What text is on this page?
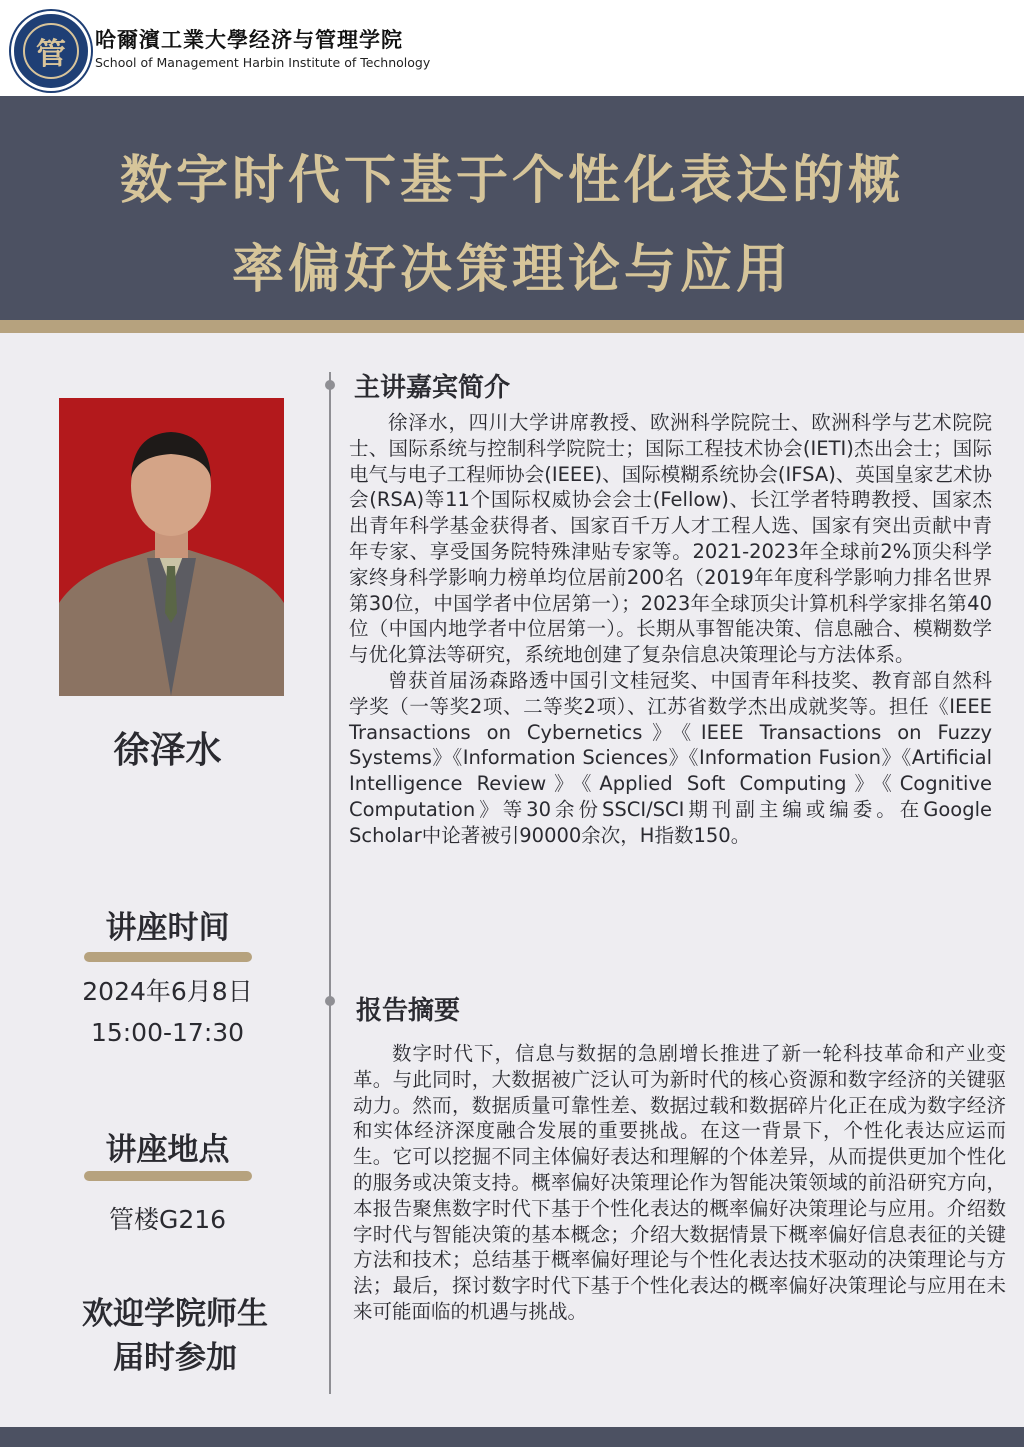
管	哈爾濱工業大學经济与管理学院
School of Management Harbin Institute of Technology
数字时代下基于个性化表达的概
率偏好决策理论与应用
徐泽水
讲座时间
2024年6月8日
15:00-17:30
讲座地点
管楼G216
欢迎学院师生
届时参加
主讲嘉宾简介

徐泽水，四川大学讲席教授、欧洲科学院院士、欧洲科学与艺术院院士、国际系统与控制科学院院士；国际工程技术协会(IETI)杰出会士；国际电气与电子工程师协会(IEEE)、国际模糊系统协会(IFSA)、英国皇家艺术协会(RSA)等11个国际权威协会会士(Fellow)、长江学者特聘教授、国家杰出青年科学基金获得者、国家百千万人才工程人选、国家有突出贡献中青年专家、享受国务院特殊津贴专家等。2021-2023年全球前2%顶尖科学家终身科学影响力榜单均位居前200名（2019年年度科学影响力排名世界第30位，中国学者中位居第一）；2023年全球顶尖计算机科学家排名第40位（中国内地学者中位居第一）。长期从事智能决策、信息融合、模糊数学与优化算法等研究，系统地创建了复杂信息决策理论与方法体系。

曾获首届汤森路透中国引文桂冠奖、中国青年科技奖、教育部自然科学奖（一等奖2项、二等奖2项）、江苏省数学杰出成就奖等。担任《IEEE Transactions on Cybernetics》《IEEE Transactions on Fuzzy Systems》《Information Sciences》《Information Fusion》《Artificial Intelligence Review》《Applied Soft Computing》《Cognitive Computation》等30余份SSCI/SCI期刊副主编或编委。在Google Scholar中论著被引90000余次，H指数150。

报告摘要

数字时代下，信息与数据的急剧增长推进了新一轮科技革命和产业变革。与此同时，大数据被广泛认可为新时代的核心资源和数字经济的关键驱动力。然而，数据质量可靠性差、数据过载和数据碎片化正在成为数字经济和实体经济深度融合发展的重要挑战。在这一背景下，个性化表达应运而生。它可以挖掘不同主体偏好表达和理解的个体差异，从而提供更加个性化的服务或决策支持。概率偏好决策理论作为智能决策领域的前沿研究方向，本报告聚焦数字时代下基于个性化表达的概率偏好决策理论与应用。介绍数字时代与智能决策的基本概念；介绍大数据情景下概率偏好信息表征的关键方法和技术；总结基于概率偏好理论与个性化表达技术驱动的决策理论与方法；最后，探讨数字时代下基于个性化表达的概率偏好决策理论与应用在未来可能面临的机遇与挑战。
